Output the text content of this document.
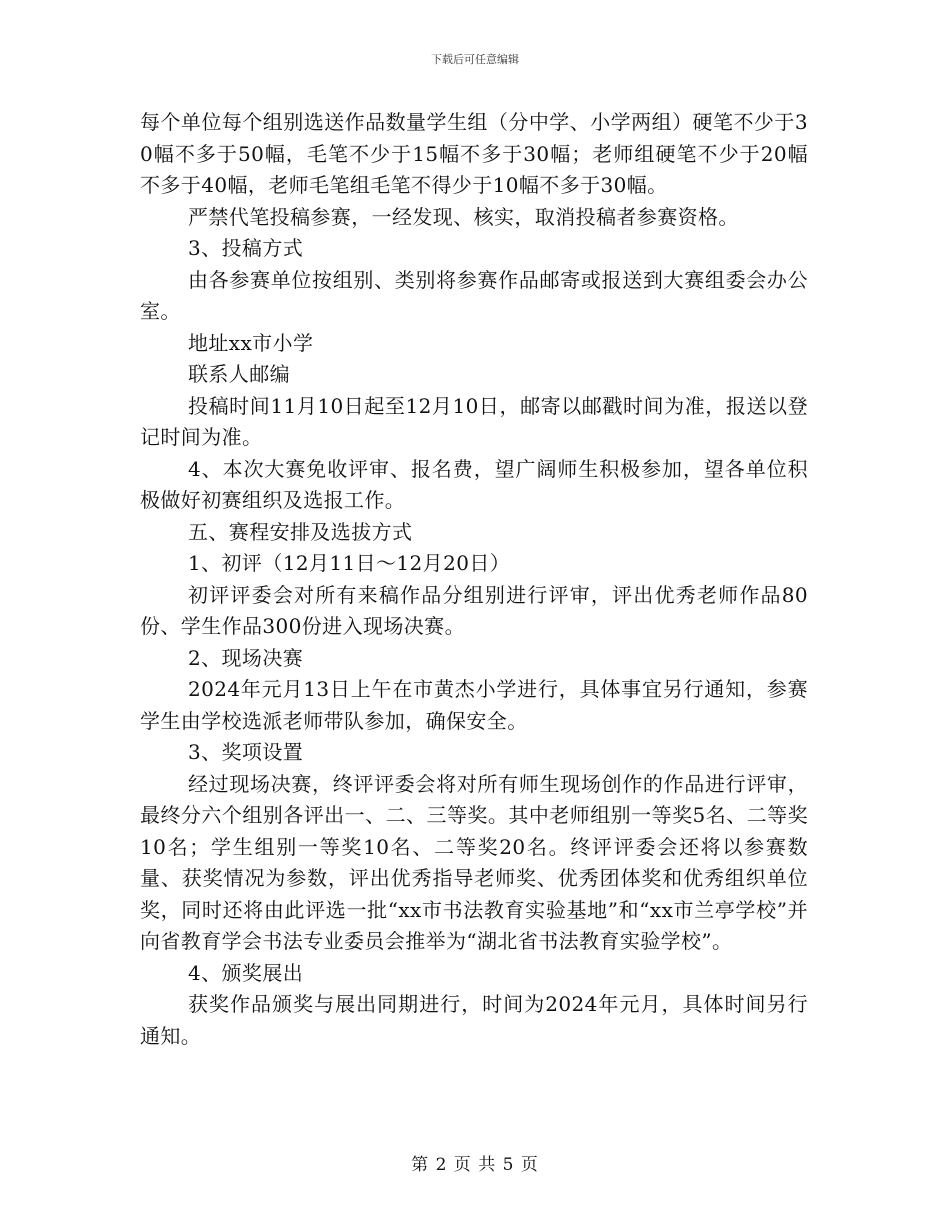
下载后可任意编辑

每个单位每个组别选送作品数量学生组（分中学、小学两组）硬笔不少于30幅不多于50幅，毛笔不少于15幅不多于30幅；老师组硬笔不少于20幅不多于40幅，老师毛笔组毛笔不得少于10幅不多于30幅。

严禁代笔投稿参赛，一经发现、核实，取消投稿者参赛资格。

3、投稿方式

由各参赛单位按组别、类别将参赛作品邮寄或报送到大赛组委会办公室。

地址xx市小学

联系人邮编

投稿时间11月10日起至12月10日，邮寄以邮戳时间为准，报送以登记时间为准。

4、本次大赛免收评审、报名费，望广阔师生积极参加，望各单位积极做好初赛组织及选报工作。

五、赛程安排及选拔方式

1、初评（12月11日～12月20日）

初评评委会对所有来稿作品分组别进行评审，评出优秀老师作品80份、学生作品300份进入现场决赛。

2、现场决赛

2024年元月13日上午在市黄杰小学进行，具体事宜另行通知，参赛学生由学校选派老师带队参加，确保安全。

3、奖项设置

经过现场决赛，终评评委会将对所有师生现场创作的作品进行评审，最终分六个组别各评出一、二、三等奖。其中老师组别一等奖5名、二等奖10名；学生组别一等奖10名、二等奖20名。终评评委会还将以参赛数量、获奖情况为参数，评出优秀指导老师奖、优秀团体奖和优秀组织单位奖，同时还将由此评选一批“xx市书法教育实验基地”和“xx市兰亭学校”并向省教育学会书法专业委员会推举为“湖北省书法教育实验学校”。

4、颁奖展出

获奖作品颁奖与展出同期进行，时间为2024年元月，具体时间另行通知。

第 2 页 共 5 页
